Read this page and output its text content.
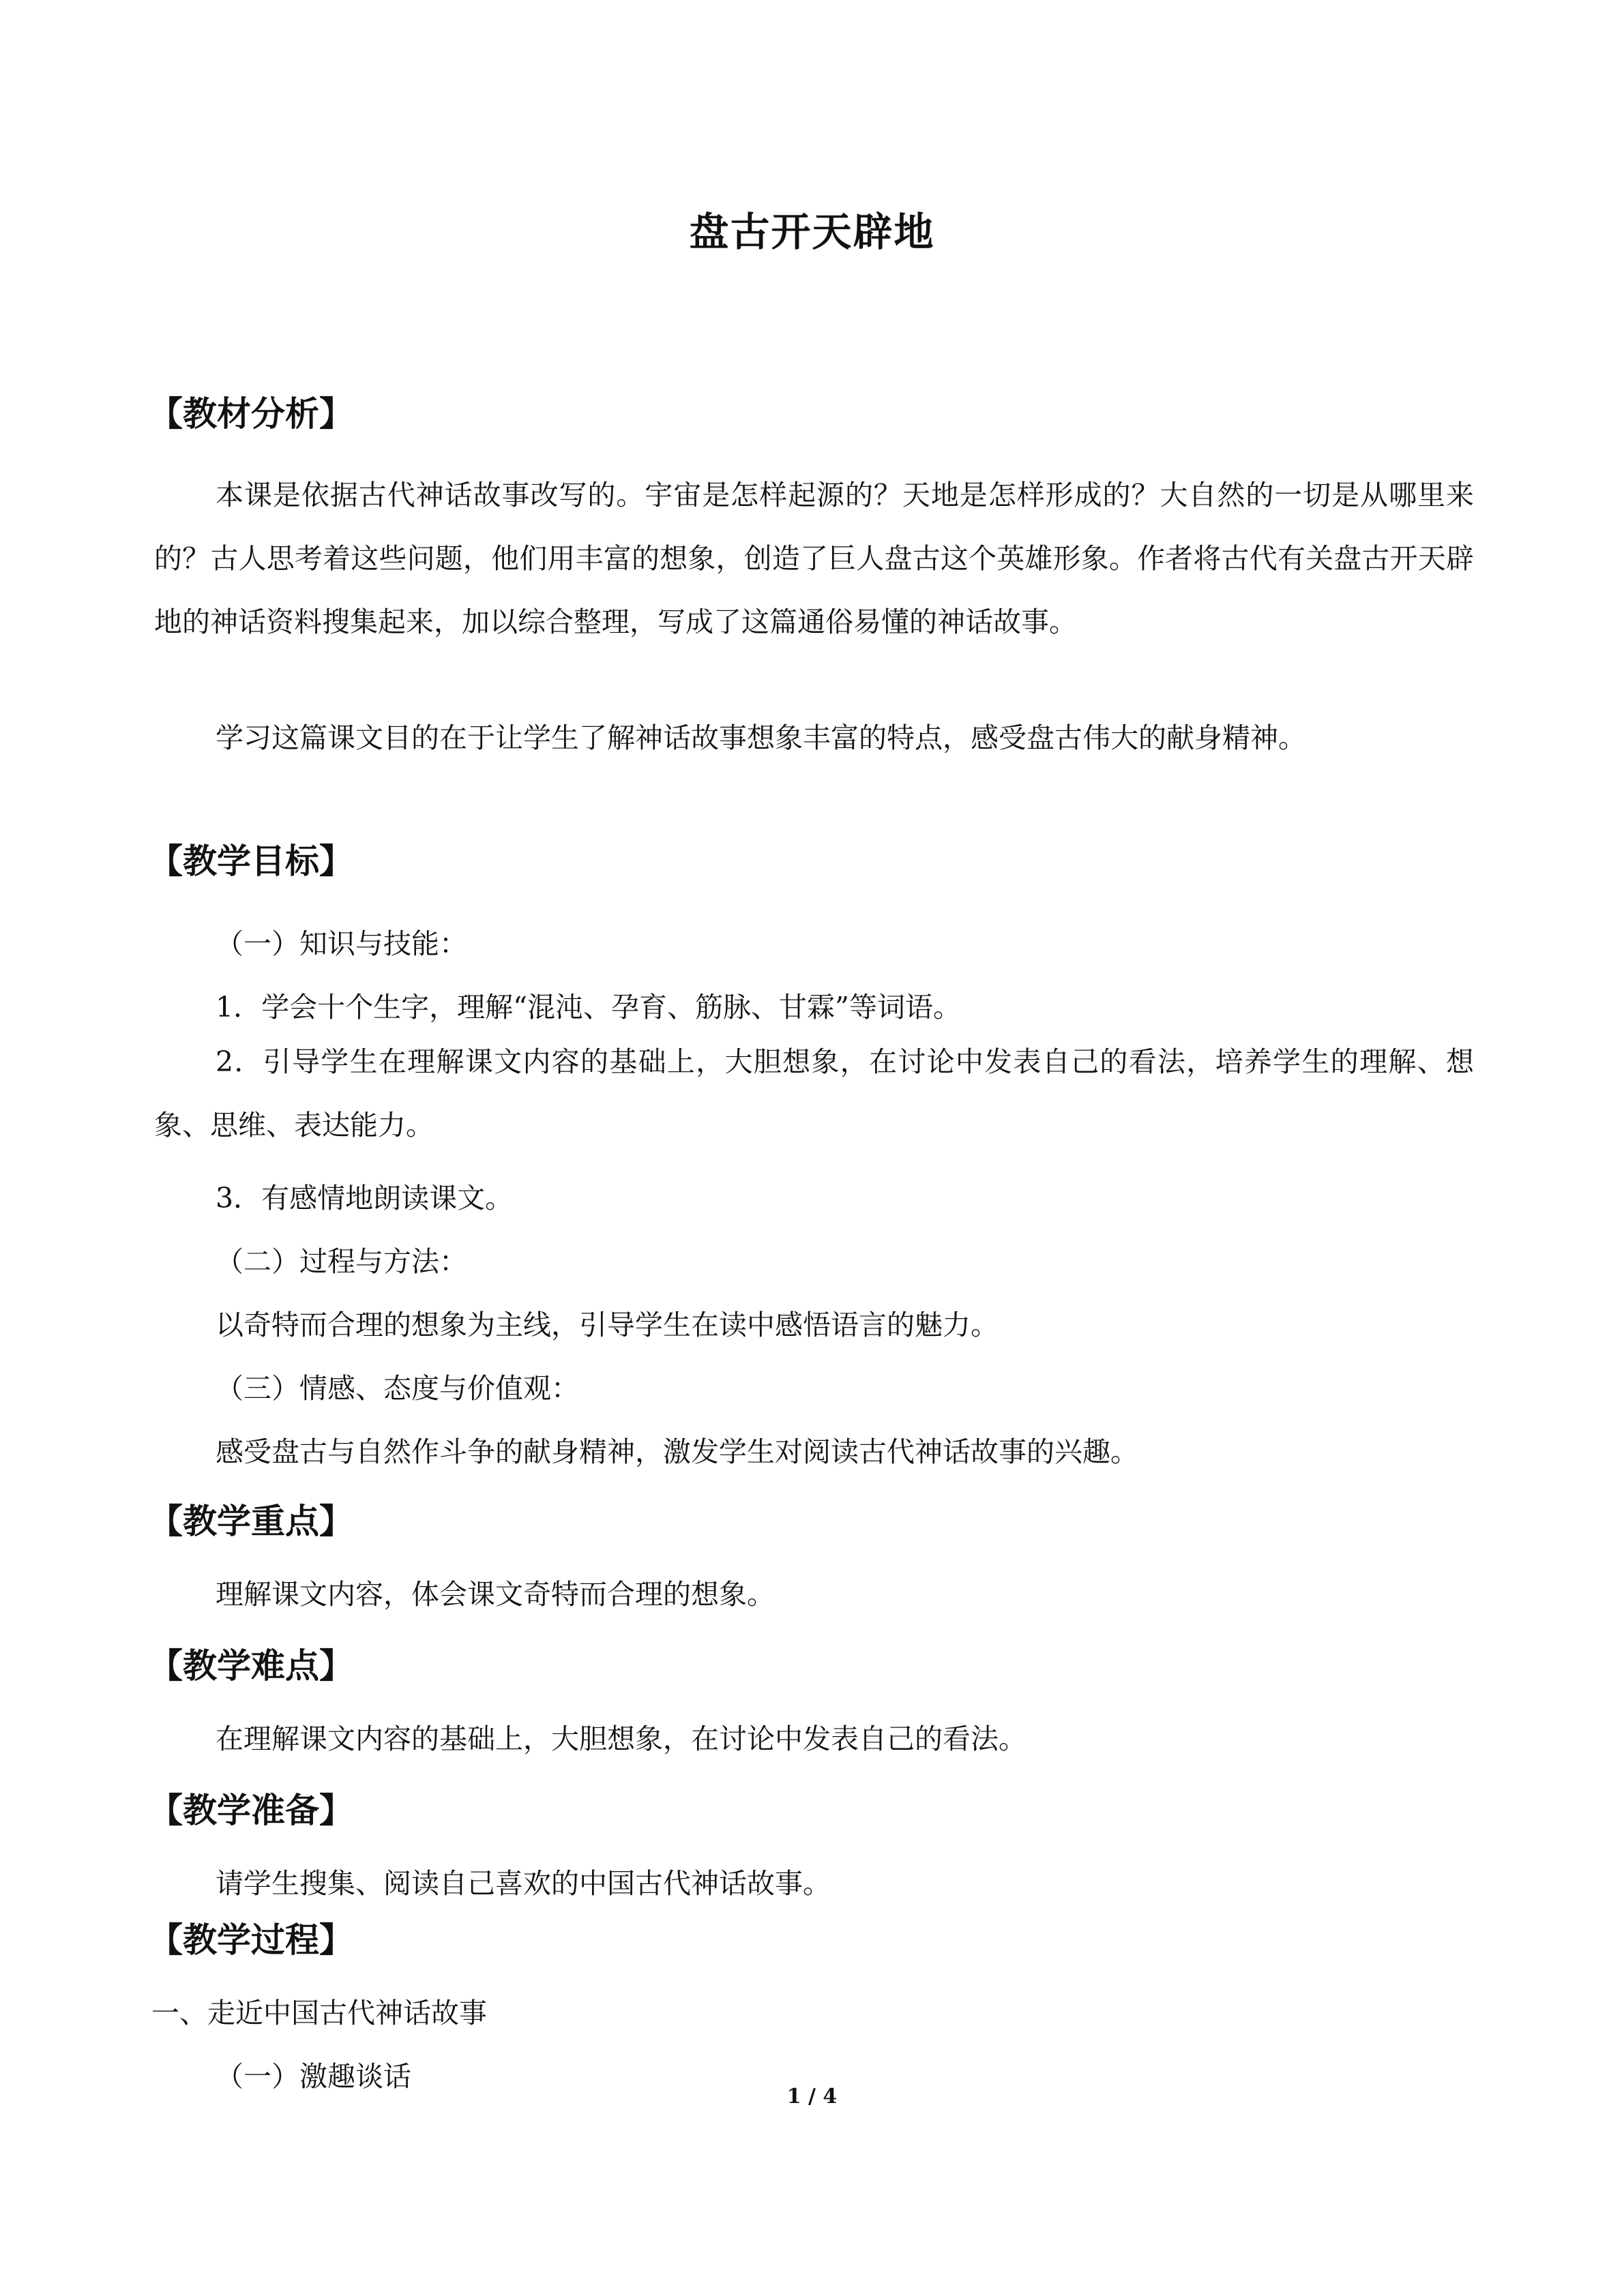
盘古开天辟地
【教材分析】

本课是依据古代神话故事改写的。宇宙是怎样起源的？天地是怎样形成的？大自然的一切是从哪里来的？古人思考着这些问题，他们用丰富的想象，创造了巨人盘古这个英雄形象。作者将古代有关盘古开天辟地的神话资料搜集起来，加以综合整理，写成了这篇通俗易懂的神话故事。

学习这篇课文目的在于让学生了解神话故事想象丰富的特点，感受盘古伟大的献身精神。

【教学目标】
（一）知识与技能：
1．学会十个生字，理解“混沌、孕育、筋脉、甘霖”等词语。

2．引导学生在理解课文内容的基础上，大胆想象，在讨论中发表自己的看法，培养学生的理解、想象、思维、表达能力。

3．有感情地朗读课文。
（二）过程与方法：
以奇特而合理的想象为主线，引导学生在读中感悟语言的魅力。
（三）情感、态度与价值观：
感受盘古与自然作斗争的献身精神，激发学生对阅读古代神话故事的兴趣。
【教学重点】
理解课文内容，体会课文奇特而合理的想象。
【教学难点】
在理解课文内容的基础上，大胆想象，在讨论中发表自己的看法。
【教学准备】
请学生搜集、阅读自己喜欢的中国古代神话故事。
【教学过程】
一、走近中国古代神话故事
（一）激趣谈话
1 / 4
